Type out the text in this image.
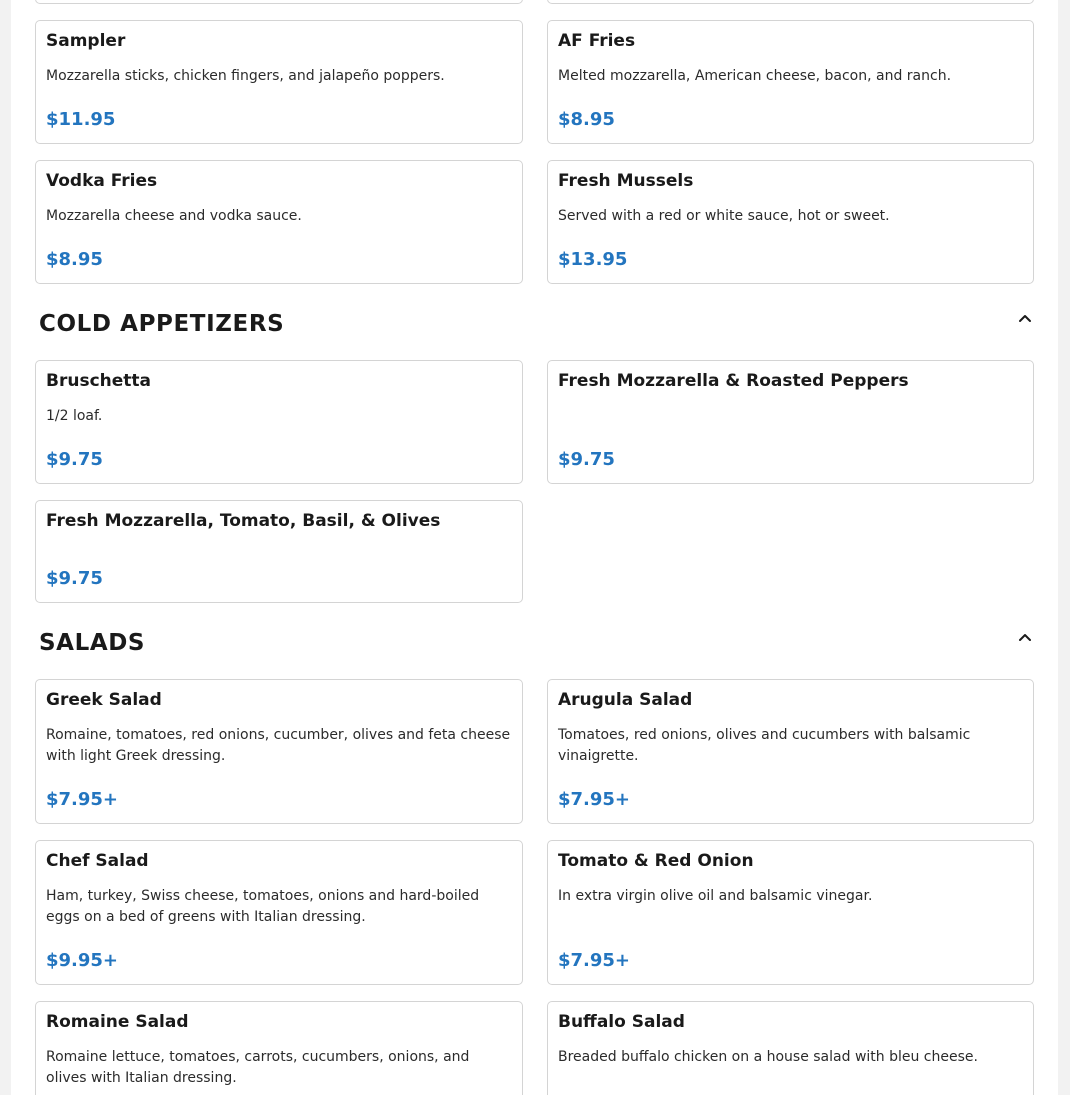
Sampler
Mozzarella sticks, chicken fingers, and jalapeño poppers.
$11.95
AF Fries
Melted mozzarella, American cheese, bacon, and ranch.
$8.95
Vodka Fries
Mozzarella cheese and vodka sauce.
$8.95
Fresh Mussels
Served with a red or white sauce, hot or sweet.
$13.95
COLD APPETIZERS
Bruschetta
1/2 loaf.
$9.75
Fresh Mozzarella & Roasted Peppers
$9.75
Fresh Mozzarella, Tomato, Basil, & Olives
$9.75
SALADS
Greek Salad
Romaine, tomatoes, red onions, cucumber, olives and feta cheese with light Greek dressing.
$7.95+
Arugula Salad
Tomatoes, red onions, olives and cucumbers with balsamic vinaigrette.
$7.95+
Chef Salad
Ham, turkey, Swiss cheese, tomatoes, onions and hard-boiled eggs on a bed of greens with Italian dressing.
$9.95+
Tomato & Red Onion
In extra virgin olive oil and balsamic vinegar.
$7.95+
Romaine Salad
Romaine lettuce, tomatoes, carrots, cucumbers, onions, and olives with Italian dressing.
Buffalo Salad
Breaded buffalo chicken on a house salad with bleu cheese.
